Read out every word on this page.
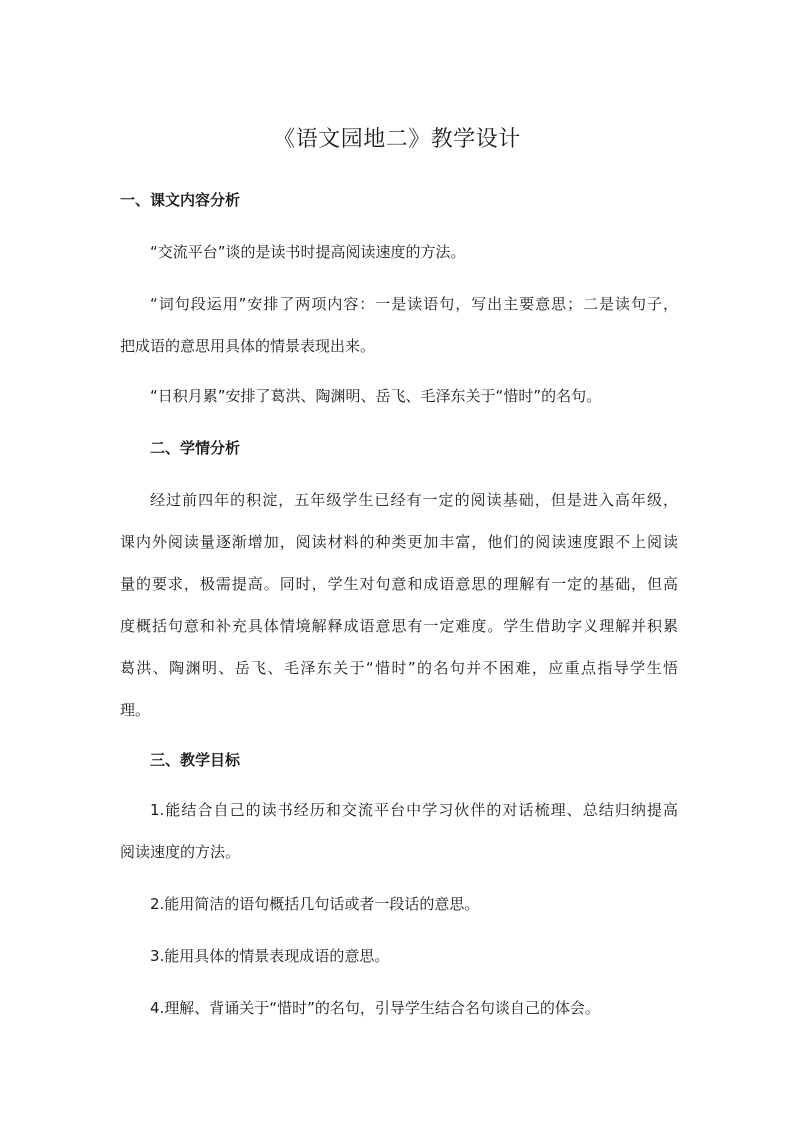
《语文园地二》教学设计
一、课文内容分析
“交流平台”谈的是读书时提高阅读速度的方法。
“词句段运用”安排了两项内容：一是读语句，写出主要意思；二是读句子，
把成语的意思用具体的情景表现出来。
“日积月累”安排了葛洪、陶渊明、岳飞、毛泽东关于“惜时”的名句。
二、学情分析
经过前四年的积淀，五年级学生已经有一定的阅读基础，但是进入高年级，
课内外阅读量逐渐增加，阅读材料的种类更加丰富，他们的阅读速度跟不上阅读
量的要求，极需提高。同时，学生对句意和成语意思的理解有一定的基础，但高
度概括句意和补充具体情境解释成语意思有一定难度。学生借助字义理解并积累
葛洪、陶渊明、岳飞、毛泽东关于“惜时”的名句并不困难，应重点指导学生悟
理。
三、教学目标
1.能结合自己的读书经历和交流平台中学习伙伴的对话梳理、总结归纳提高
阅读速度的方法。
2.能用简洁的语句概括几句话或者一段话的意思。
3.能用具体的情景表现成语的意思。
4.理解、背诵关于“惜时”的名句，引导学生结合名句谈自己的体会。
